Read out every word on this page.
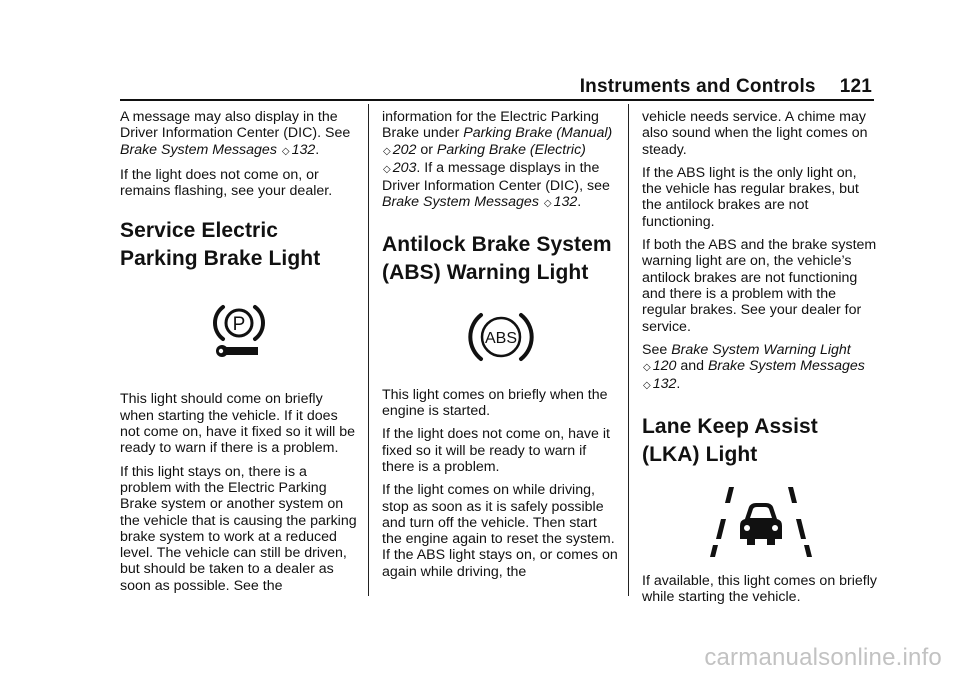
Instruments and Controls 121

A message may also display in the Driver Information Center (DIC). See Brake System Messages ◇ 132.

If the light does not come on, or remains flashing, see your dealer.

Service Electric Parking Brake Light
P

This light should come on briefly when starting the vehicle. If it does not come on, have it fixed so it will be ready to warn if there is a problem.

If this light stays on, there is a problem with the Electric Parking Brake system or another system on the vehicle that is causing the parking brake system to work at a reduced level. The vehicle can still be driven, but should be taken to a dealer as soon as possible. See the

information for the Electric Parking Brake under Parking Brake (Manual) ◇ 202 or Parking Brake (Electric) ◇ 203. If a message displays in the Driver Information Center (DIC), see Brake System Messages ◇ 132.

Antilock Brake System (ABS) Warning Light
ABS

This light comes on briefly when the engine is started.

If the light does not come on, have it fixed so it will be ready to warn if there is a problem.

If the light comes on while driving, stop as soon as it is safely possible and turn off the vehicle. Then start the engine again to reset the system. If the ABS light stays on, or comes on again while driving, the

vehicle needs service. A chime may also sound when the light comes on steady.

If the ABS light is the only light on, the vehicle has regular brakes, but the antilock brakes are not functioning.

If both the ABS and the brake system warning light are on, the vehicle’s antilock brakes are not functioning and there is a problem with the regular brakes. See your dealer for service.

See Brake System Warning Light
◇ 120 and Brake System Messages ◇ 132.

Lane Keep Assist (LKA) Light

If available, this light comes on briefly while starting the vehicle.

carmanualsonline.info
